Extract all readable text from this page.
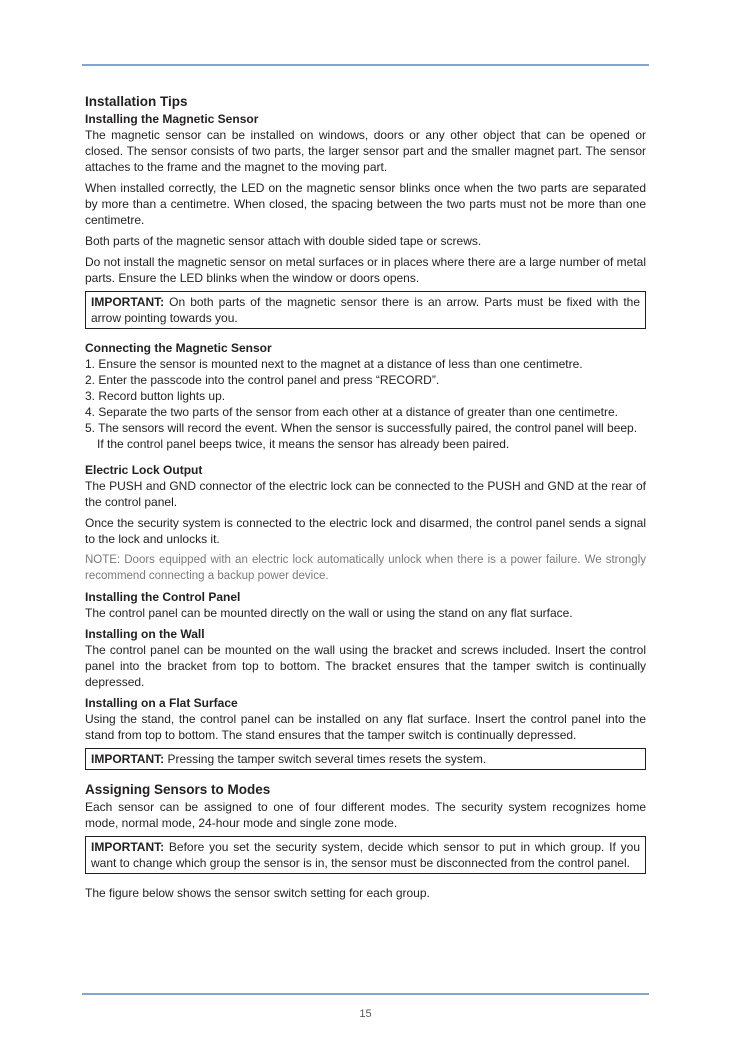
Installation Tips
Installing the Magnetic Sensor

The magnetic sensor can be installed on windows, doors or any other object that can be opened or closed. The sensor consists of two parts, the larger sensor part and the smaller magnet part. The sensor attaches to the frame and the magnet to the moving part.

When installed correctly, the LED on the magnetic sensor blinks once when the two parts are separated by more than a centimetre. When closed, the spacing between the two parts must not be more than one centimetre.

Both parts of the magnetic sensor attach with double sided tape or screws.

Do not install the magnetic sensor on metal surfaces or in places where there are a large number of metal parts. Ensure the LED blinks when the window or doors opens.

IMPORTANT: On both parts of the magnetic sensor there is an arrow. Parts must be fixed with the arrow pointing towards you.
Connecting the Magnetic Sensor
1. Ensure the sensor is mounted next to the magnet at a distance of less than one centimetre.
2. Enter the passcode into the control panel and press “RECORD”.
3. Record button lights up.
4. Separate the two parts of the sensor from each other at a distance of greater than one centimetre.
5. The sensors will record the event. When the sensor is successfully paired, the control panel will beep.
If the control panel beeps twice, it means the sensor has already been paired.
Electric Lock Output

The PUSH and GND connector of the electric lock can be connected to the PUSH and GND at the rear of the control panel.

Once the security system is connected to the electric lock and disarmed, the control panel sends a signal to the lock and unlocks it.

NOTE: Doors equipped with an electric lock automatically unlock when there is a power failure. We strongly recommend connecting a backup power device.

Installing the Control Panel

The control panel can be mounted directly on the wall or using the stand on any flat surface.

Installing on the Wall

The control panel can be mounted on the wall using the bracket and screws included. Insert the control panel into the bracket from top to bottom. The bracket ensures that the tamper switch is continually depressed.

Installing on a Flat Surface

Using the stand, the control panel can be installed on any flat surface. Insert the control panel into the stand from top to bottom. The stand ensures that the tamper switch is continually depressed.

IMPORTANT: Pressing the tamper switch several times resets the system.
Assigning Sensors to Modes

Each sensor can be assigned to one of four different modes. The security system recognizes home mode, normal mode, 24-hour mode and single zone mode.

IMPORTANT: Before you set the security system, decide which sensor to put in which group. If you want to change which group the sensor is in, the sensor must be disconnected from the control panel.

The figure below shows the sensor switch setting for each group.

15
